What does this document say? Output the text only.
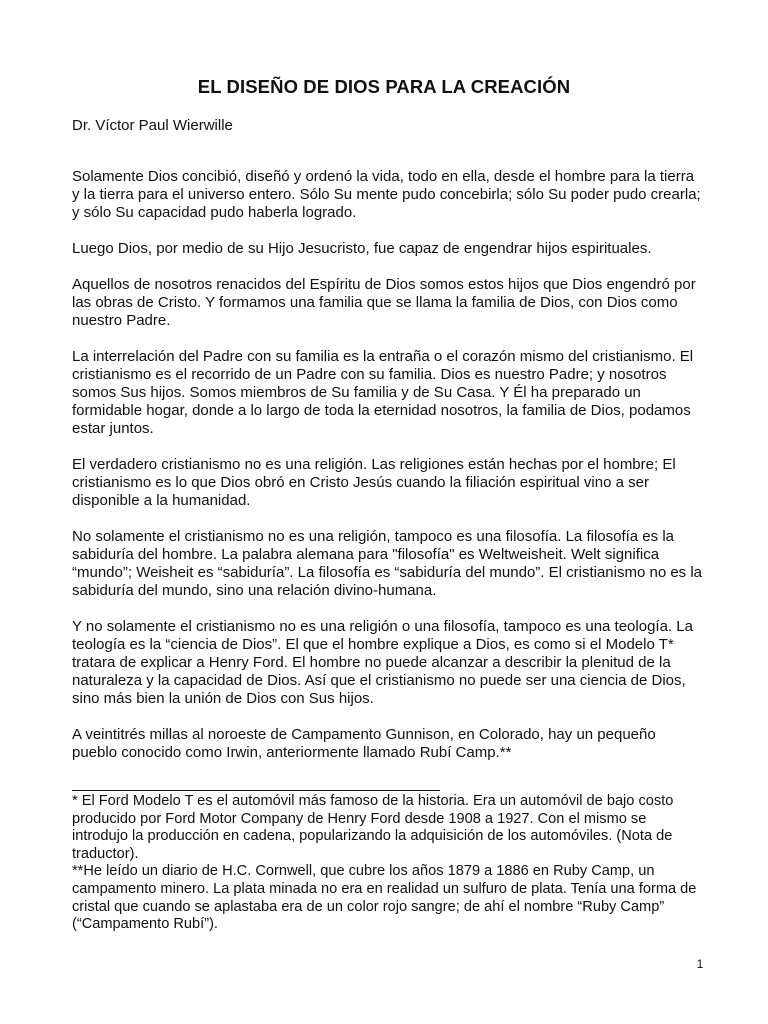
EL DISEÑO DE DIOS PARA LA CREACIÓN
Dr. Víctor Paul Wierwille

Solamente Dios concibió, diseñó y ordenó la vida, todo en ella, desde el hombre para la tierra y la tierra para el universo entero. Sólo Su mente pudo concebirla; sólo Su poder pudo crearla; y sólo Su capacidad pudo haberla logrado.

Luego Dios, por medio de su Hijo Jesucristo, fue capaz de engendrar hijos espirituales.

Aquellos de nosotros renacidos del Espíritu de Dios somos estos hijos que Dios engendró por las obras de Cristo. Y formamos una familia que se llama la familia de Dios, con Dios como nuestro Padre.

La interrelación del Padre con su familia es la entraña o el corazón mismo del cristianismo. El cristianismo es el recorrido de un Padre con su familia. Dios es nuestro Padre; y nosotros somos Sus hijos. Somos miembros de Su familia y de Su Casa. Y Él ha preparado un formidable hogar, donde a lo largo de toda la eternidad nosotros, la familia de Dios, podamos estar juntos.

El verdadero cristianismo no es una religión. Las religiones están hechas por el hombre; El cristianismo es lo que Dios obró en Cristo Jesús cuando la filiación espiritual vino a ser disponible a la humanidad.

No solamente el cristianismo no es una religión, tampoco es una filosofía. La filosofía es la sabiduría del hombre. La palabra alemana para "filosofía" es Weltweisheit. Welt significa “mundo”; Weisheit es “sabiduría”. La filosofía es “sabiduría del mundo”. El cristianismo no es la sabiduría del mundo, sino una relación divino-humana.

Y no solamente el cristianismo no es una religión o una filosofía, tampoco es una teología. La teología es la “ciencia de Dios”. El que el hombre explique a Dios, es como si el Modelo T* tratara de explicar a Henry Ford. El hombre no puede alcanzar a describir la plenitud de la naturaleza y la capacidad de Dios. Así que el cristianismo no puede ser una ciencia de Dios, sino más bien la unión de Dios con Sus hijos.

A veintitrés millas al noroeste de Campamento Gunnison, en Colorado, hay un pequeño pueblo conocido como Irwin, anteriormente llamado Rubí Camp.**

* El Ford Modelo T es el automóvil más famoso de la historia. Era un automóvil de bajo costo producido por Ford Motor Company de Henry Ford desde 1908 a 1927. Con el mismo se introdujo la producción en cadena, popularizando la adquisición de los automóviles. (Nota de traductor).

**He leído un diario de H.C. Cornwell, que cubre los años 1879 a 1886 en Ruby Camp, un campamento minero. La plata minada no era en realidad un sulfuro de plata. Tenía una forma de cristal que cuando se aplastaba era de un color rojo sangre; de ahí el nombre “Ruby Camp” (“Campamento Rubí”).

1
